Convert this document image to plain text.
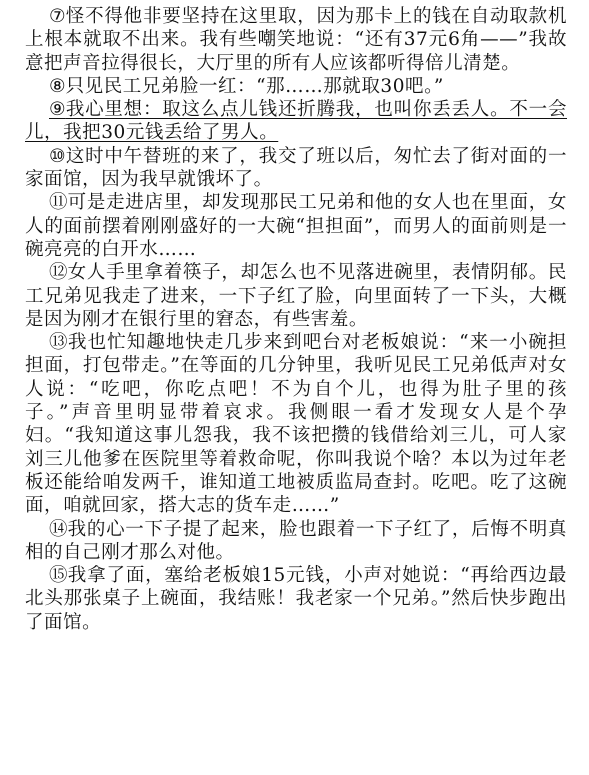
⑦怪不得他非要坚持在这里取，因为那卡上的钱在自动取款机上根本就取不出来。我有些嘲笑地说：“还有37元6角——”我故意把声音拉得很长，大厅里的所有人应该都听得倍儿清楚。

⑧只见民工兄弟脸一红：“那……那就取30吧。”

⑨我心里想：取这么点儿钱还折腾我，也叫你丢丢人。不一会儿，我把30元钱丢给了男人。

⑩这时中午替班的来了，我交了班以后，匆忙去了街对面的一家面馆，因为我早就饿坏了。

⑪可是走进店里，却发现那民工兄弟和他的女人也在里面，女人的面前摆着刚刚盛好的一大碗“担担面”，而男人的面前则是一碗亮亮的白开水……

⑫女人手里拿着筷子，却怎么也不见落进碗里，表情阴郁。民工兄弟见我走了进来，一下子红了脸，向里面转了一下头，大概是因为刚才在银行里的窘态，有些害羞。

⑬我也忙知趣地快走几步来到吧台对老板娘说：“来一小碗担担面，打包带走。”在等面的几分钟里，我听见民工兄弟低声对女人说：“吃吧，你吃点吧！不为自个儿，也得为肚子里的孩子。”声音里明显带着哀求。我侧眼一看才发现女人是个孕妇。“我知道这事儿怨我，我不该把攒的钱借给刘三儿，可人家刘三儿他爹在医院里等着救命呢，你叫我说个啥？本以为过年老板还能给咱发两千，谁知道工地被质监局查封。吃吧。吃了这碗面，咱就回家，搭大志的货车走……”

⑭我的心一下子提了起来，脸也跟着一下子红了，后悔不明真相的自己刚才那么对他。

⑮我拿了面，塞给老板娘15元钱，小声对她说：“再给西边最北头那张桌子上碗面，我结账！我老家一个兄弟。”然后快步跑出了面馆。
